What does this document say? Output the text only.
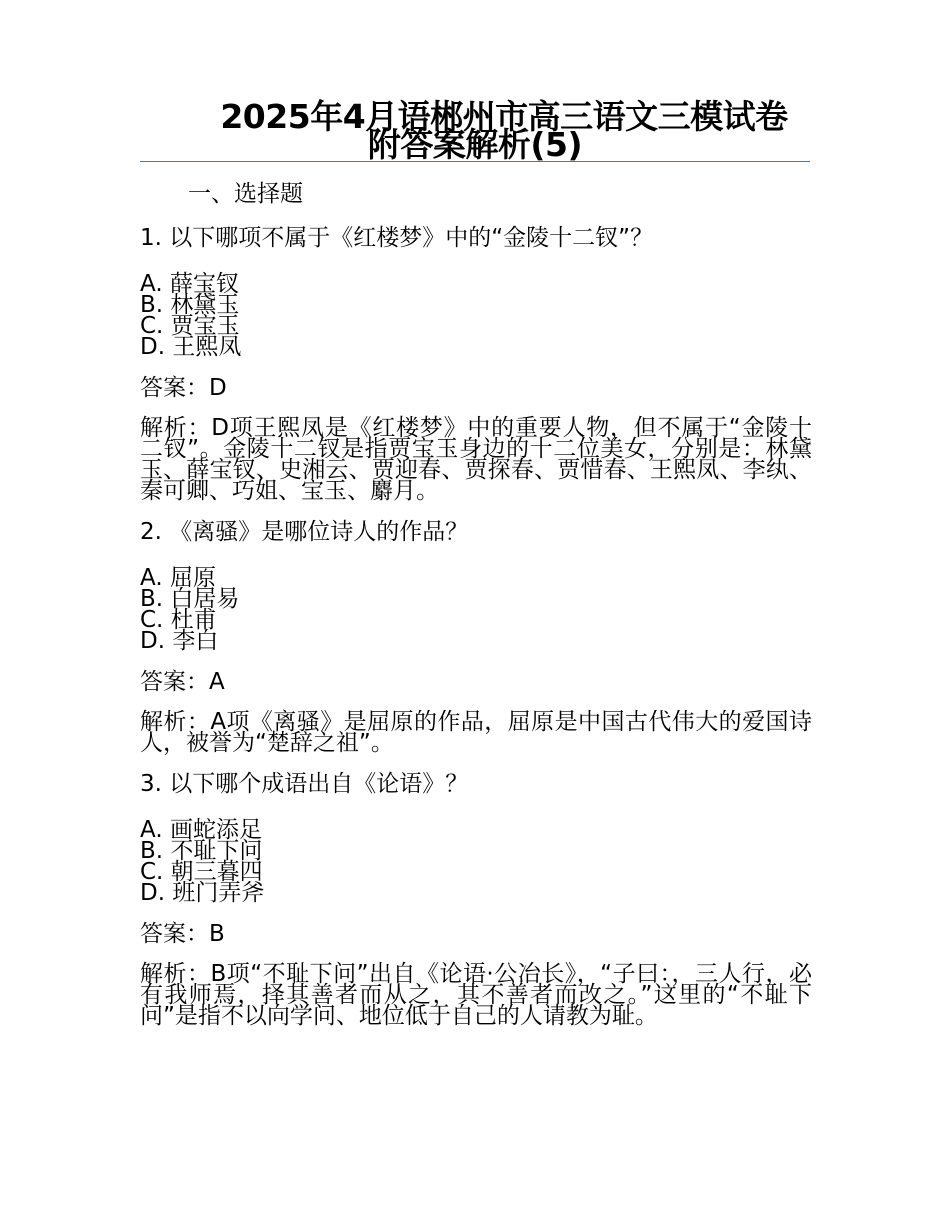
2025年4月语郴州市高三语文三模试卷
附答案解析(5)
一、选择题
1. 以下哪项不属于《红楼梦》中的“金陵十二钗”？
A. 薛宝钗
B. 林黛玉
C. 贾宝玉
D. 王熙凤
答案：D
解析：D项王熙凤是《红楼梦》中的重要人物，但不属于“金陵十二钗”。金陵十二钗是指贾宝玉身边的十二位美女，分别是：林黛玉、薛宝钗、史湘云、贾迎春、贾探春、贾惜春、王熙凤、李纨、秦可卿、巧姐、宝玉、麝月。
2. 《离骚》是哪位诗人的作品？
A. 屈原
B. 白居易
C. 杜甫
D. 李白
答案：A
解析：A项《离骚》是屈原的作品，屈原是中国古代伟大的爱国诗人，被誉为“楚辞之祖”。
3. 以下哪个成语出自《论语》？
A. 画蛇添足
B. 不耻下问
C. 朝三暮四
D. 班门弄斧
答案：B
解析：B项“不耻下问”出自《论语·公冶长》，“子曰：，三人行，必有我师焉，择其善者而从之，其不善者而改之。”这里的“不耻下问”是指不以向学问、地位低于自己的人请教为耻。
